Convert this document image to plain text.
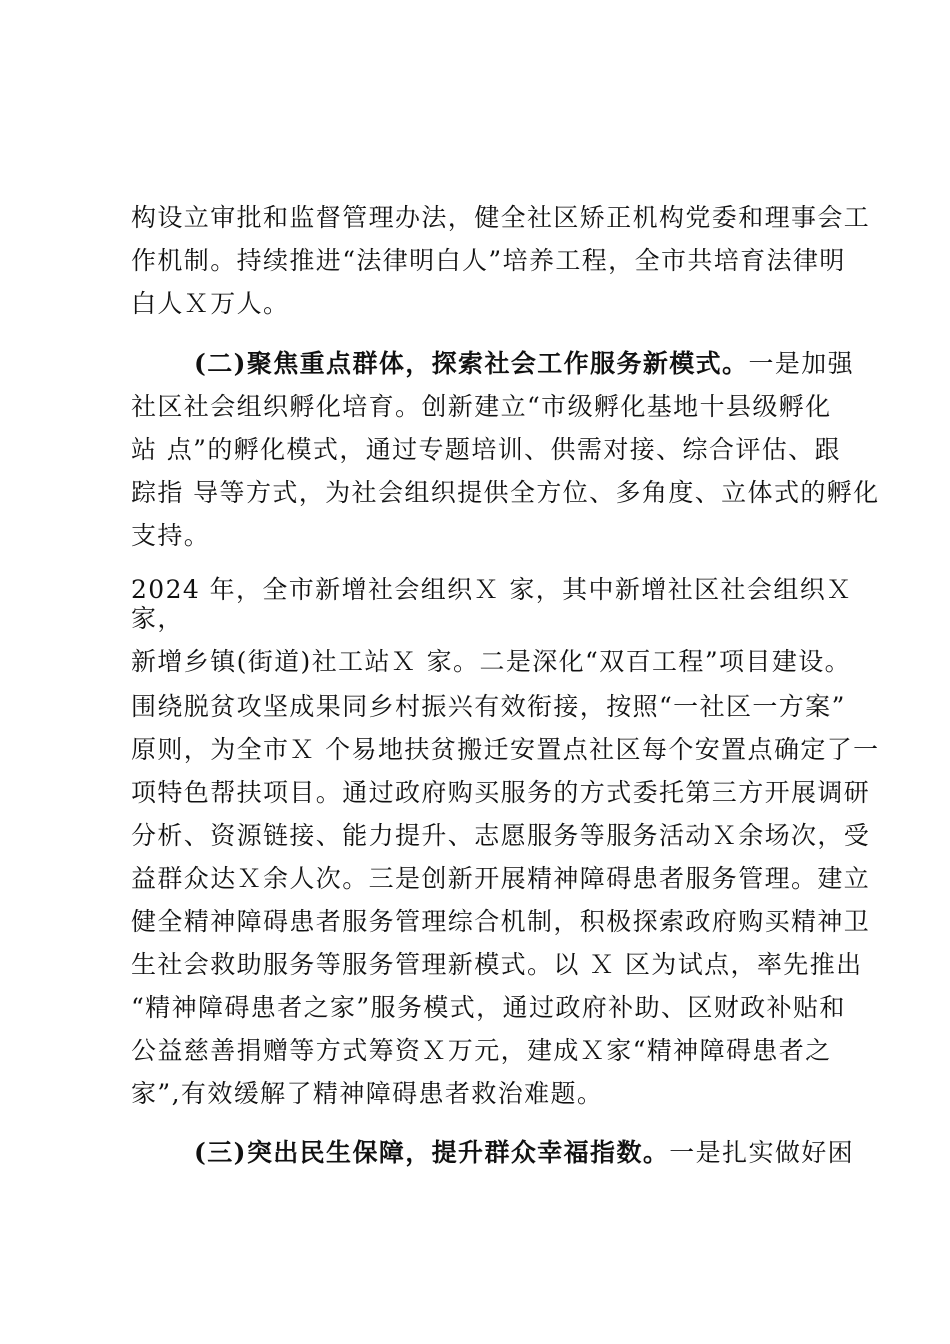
构设立审批和监督管理办法，健全社区矫正机构党委和理事会工
作机制。持续推进“法律明白人”培养工程，全市共培育法律明
白人Ｘ万人。
(二)聚焦重点群体，探索社会工作服务新模式。一是加强
社区社会组织孵化培育。创新建立“市级孵化基地十县级孵化
站 点”的孵化模式，通过专题培训、供需对接、综合评估、跟
踪指 导等方式，为社会组织提供全方位、多角度、立体式的孵化
支持。
2024 年，全市新增社会组织Ｘ 家，其中新增社区社会组织Ｘ
家，
新增乡镇(街道)社工站Ｘ 家。二是深化“双百工程”项目建设。
围绕脱贫攻坚成果同乡村振兴有效衔接，按照“一社区一方案”
原则，为全市Ｘ 个易地扶贫搬迁安置点社区每个安置点确定了一
项特色帮扶项目。通过政府购买服务的方式委托第三方开展调研
分析、资源链接、能力提升、志愿服务等服务活动Ｘ余场次，受
益群众达Ｘ余人次。三是创新开展精神障碍患者服务管理。建立
健全精神障碍患者服务管理综合机制，积极探索政府购买精神卫
生社会救助服务等服务管理新模式。以 Ｘ 区为试点，率先推出
“精神障碍患者之家”服务模式，通过政府补助、区财政补贴和
公益慈善捐赠等方式筹资Ｘ万元，建成Ｘ家“精神障碍患者之
家”,有效缓解了精神障碍患者救治难题。
(三)突出民生保障，提升群众幸福指数。一是扎实做好困
